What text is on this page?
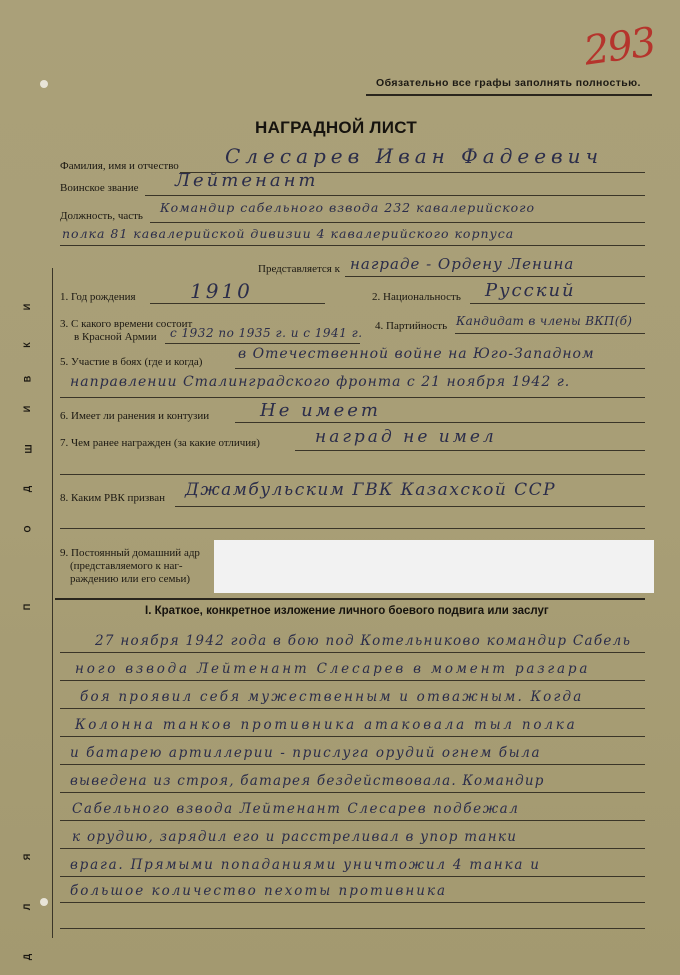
293
Обязательно все графы заполнять полностью.
НАГРАДНОЙ ЛИСТ
Д
Л
Я
П
О
Д
Ш
И
В
К
И
Фамилия, имя и отчество Слесарев Иван Фадеевич
Воинское звание Лейтенант
Должность, часть
Командир сабельного взвода 232 кавалерийского
полка 81 кавалерийской дивизии 4 кавалерийского корпуса
Представляется к награде - Ордену Ленина
1. Год рождения	1910	2. Национальность Русский
3. С какого времени состоит
в Красной Армии с 1932 по 1935 г. и с 1941 г. 4. Партийность Кандидат в члены ВКП(б)
5. Участие в боях (где и когда)	в Отечественной войне на Юго-Западном
направлении Сталинградского фронта с 21 ноября 1942 г.
6. Имеет ли ранения и контузии	Не имеет
7. Чем ранее награжден (за какие отличия)	наград не имел
8. Каким РВК призван Джамбульским ГВК Казахской ССР
9. Постоянный домашний адр
(представляемого к наг-
раждению или его семьи)
I. Краткое, конкретное изложение личного боевого подвига или заслуг
27 ноября 1942 года в бою под Котельниково командир Сабель
ного взвода Лейтенант Слесарев в момент разгара
боя проявил себя мужественным и отважным. Когда
Колонна танков противника атаковала тыл полка
и батарею артиллерии - прислуга орудий огнем была
выведена из строя, батарея бездействовала. Командир
Сабельного взвода Лейтенант Слесарев подбежал
к орудию, зарядил его и расстреливал в упор танки
врага. Прямыми попаданиями уничтожил 4 танка и
большое количество пехоты противника
